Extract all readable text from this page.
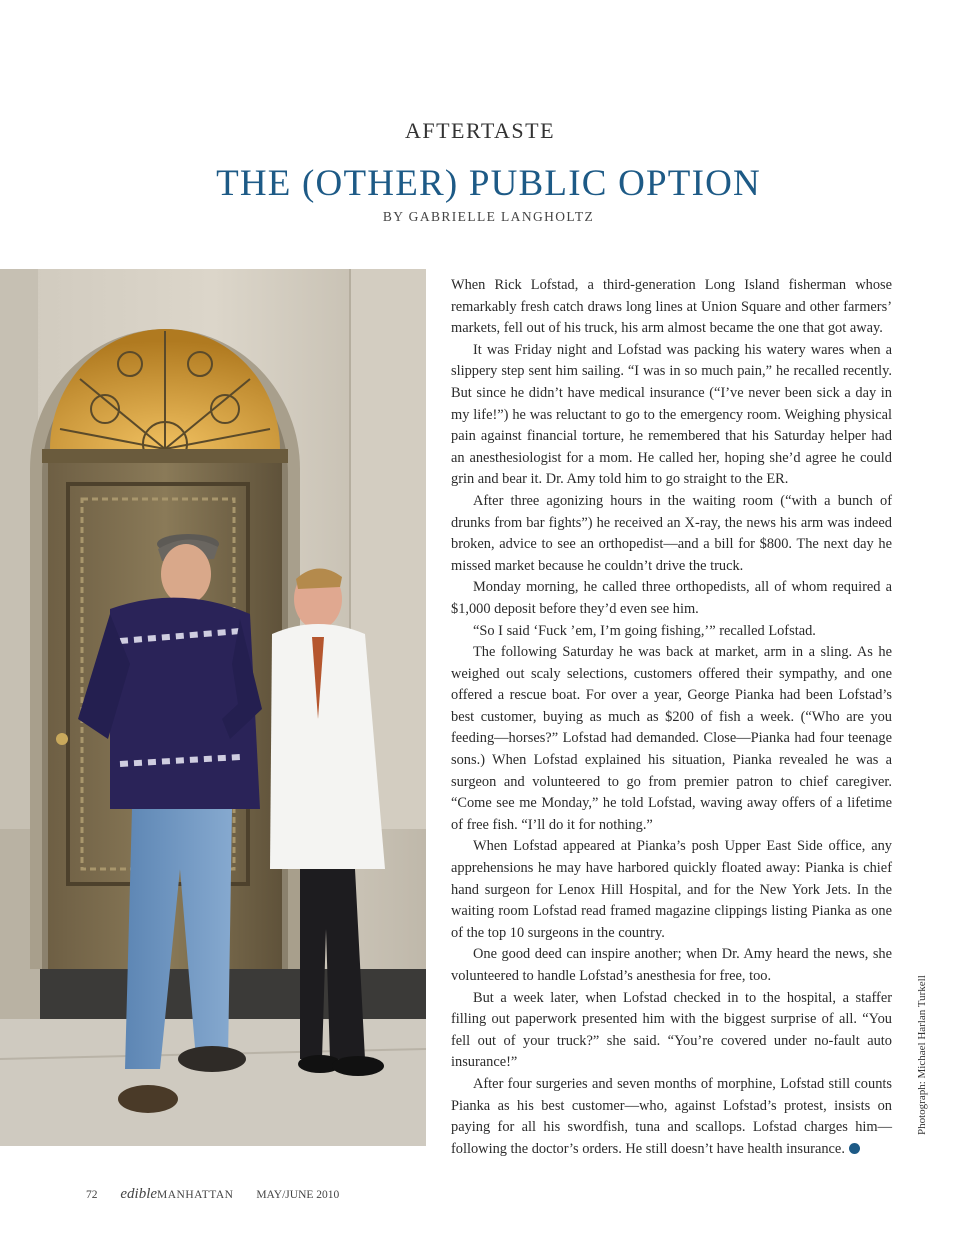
AFTERTASTE
THE (OTHER) PUBLIC OPTION
BY GABRIELLE LANGHOLTZ

When Rick Lofstad, a third-generation Long Island fisherman whose remarkably fresh catch draws long lines at Union Square and other farmers’ markets, fell out of his truck, his arm almost became the one that got away.

It was Friday night and Lofstad was packing his watery wares when a slippery step sent him sailing. “I was in so much pain,” he recalled recently. But since he didn’t have medical insurance (“I’ve never been sick a day in my life!”) he was reluctant to go to the emergency room. Weighing physical pain against financial torture, he remembered that his Saturday helper had an anesthesiologist for a mom. He called her, hoping she’d agree he could grin and bear it. Dr. Amy told him to go straight to the ER.

After three agonizing hours in the waiting room (“with a bunch of drunks from bar fights”) he received an X-ray, the news his arm was indeed broken, advice to see an orthopedist—and a bill for $800. The next day he missed market because he couldn’t drive the truck.

Monday morning, he called three orthopedists, all of whom required a $1,000 deposit before they’d even see him.

“So I said ‘Fuck ’em, I’m going fishing,’” recalled Lofstad.

The following Saturday he was back at market, arm in a sling. As he weighed out scaly selections, customers offered their sympathy, and one offered a rescue boat. For over a year, George Pianka had been Lofstad’s best customer, buying as much as $200 of fish a week. (“Who are you feeding—horses?” Lofstad had demanded. Close—Pianka had four teenage sons.) When Lofstad explained his situation, Pianka revealed he was a surgeon and volunteered to go from premier patron to chief caregiver. “Come see me Monday,” he told Lofstad, waving away offers of a lifetime of free fish. “I’ll do it for nothing.”

When Lofstad appeared at Pianka’s posh Upper East Side office, any apprehensions he may have harbored quickly floated away: Pianka is chief hand surgeon for Lenox Hill Hospital, and for the New York Jets. In the waiting room Lofstad read framed magazine clippings listing Pianka as one of the top 10 surgeons in the country.

One good deed can inspire another; when Dr. Amy heard the news, she volunteered to handle Lofstad’s anesthesia for free, too.

But a week later, when Lofstad checked in to the hospital, a staffer filling out paperwork presented him with the biggest surprise of all. “You fell out of your truck?” she said. “You’re covered under no-fault auto insurance!”

After four surgeries and seven months of morphine, Lofstad still counts Pianka as his best customer—who, against Lofstad’s protest, insists on paying for all his swordfish, tuna and scallops. Lofstad charges him—following the doctor’s orders. He still doesn’t have health insurance.

Photograph: Michael Harlan Turkell
72 edibleMANHATTAN MAY/JUNE 2010
